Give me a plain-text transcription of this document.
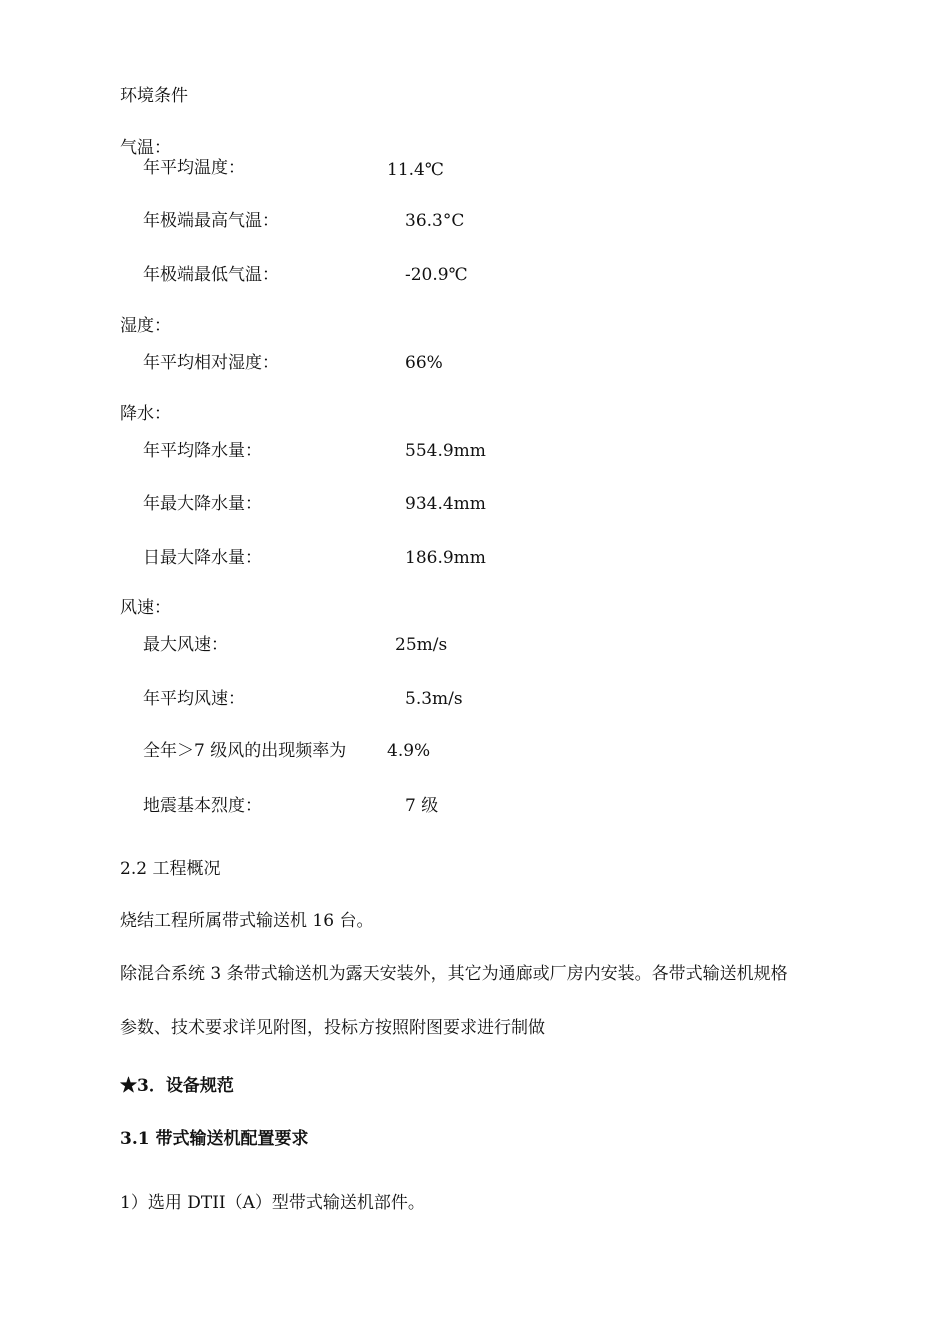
环境条件
气温：
年平均温度：	11.4℃
年极端最高气温：	36.3°C
年极端最低气温：	-20.9℃
湿度：
年平均相对湿度：	66%
降水：
年平均降水量：	554.9mm
年最大降水量：	934.4mm
日最大降水量：	186.9mm
风速：
最大风速：	25m/s
年平均风速：	5.3m/s
全年＞7 级风的出现频率为 4.9%
地震基本烈度：	7 级
2.2 工程概况
烧结工程所属带式输送机 16 台。
除混合系统 3 条带式输送机为露天安装外，其它为通廊或厂房内安装。各带式输送机规格
参数、技术要求详见附图，投标方按照附图要求进行制做
★3．设备规范
3.1 带式输送机配置要求
1）选用 DTII（A）型带式输送机部件。
